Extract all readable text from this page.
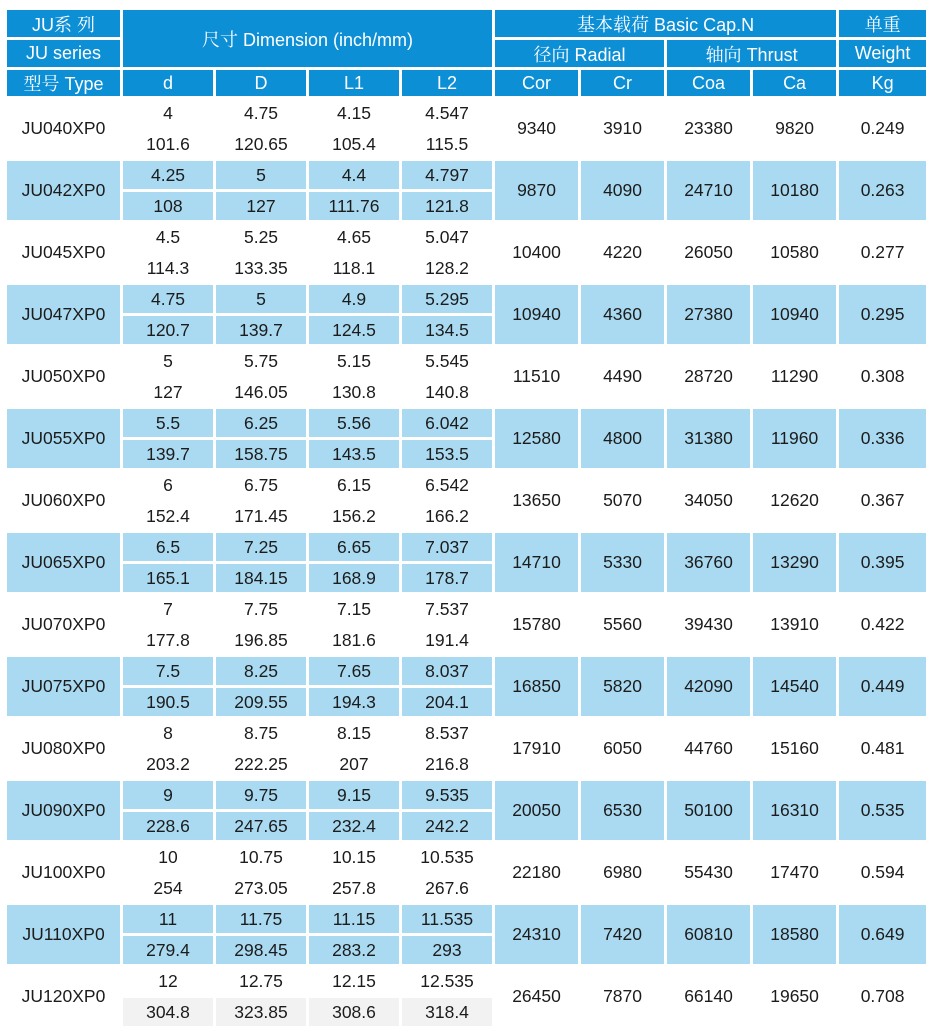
JU系 列	尺寸 Dimension (inch/mm)				基本载荷 Basic Cap.N				单重
JU series					径向 Radial		轴向 Thrust		Weight
型号 Type	d	D	L1	L2	Cor	Cr	Coa	Ca	Kg
JU040XP0	4	4.75	4.15	4.547	9340	3910	23380	9820	0.249
	101.6	120.65	105.4	115.5					
JU042XP0	4.25	5	4.4	4.797	9870	4090	24710	10180	0.263
	108	127	111.76	121.8					
JU045XP0	4.5	5.25	4.65	5.047	10400	4220	26050	10580	0.277
	114.3	133.35	118.1	128.2					
JU047XP0	4.75	5	4.9	5.295	10940	4360	27380	10940	0.295
	120.7	139.7	124.5	134.5					
JU050XP0	5	5.75	5.15	5.545	11510	4490	28720	11290	0.308
	127	146.05	130.8	140.8					
JU055XP0	5.5	6.25	5.56	6.042	12580	4800	31380	11960	0.336
	139.7	158.75	143.5	153.5					
JU060XP0	6	6.75	6.15	6.542	13650	5070	34050	12620	0.367
	152.4	171.45	156.2	166.2					
JU065XP0	6.5	7.25	6.65	7.037	14710	5330	36760	13290	0.395
	165.1	184.15	168.9	178.7					
JU070XP0	7	7.75	7.15	7.537	15780	5560	39430	13910	0.422
	177.8	196.85	181.6	191.4					
JU075XP0	7.5	8.25	7.65	8.037	16850	5820	42090	14540	0.449
	190.5	209.55	194.3	204.1					
JU080XP0	8	8.75	8.15	8.537	17910	6050	44760	15160	0.481
	203.2	222.25	207	216.8					
JU090XP0	9	9.75	9.15	9.535	20050	6530	50100	16310	0.535
	228.6	247.65	232.4	242.2					
JU100XP0	10	10.75	10.15	10.535	22180	6980	55430	17470	0.594
	254	273.05	257.8	267.6					
JU110XP0	11	11.75	11.15	11.535	24310	7420	60810	18580	0.649
	279.4	298.45	283.2	293					
JU120XP0	12	12.75	12.15	12.535	26450	7870	66140	19650	0.708
	304.8	323.85	308.6	318.4					
